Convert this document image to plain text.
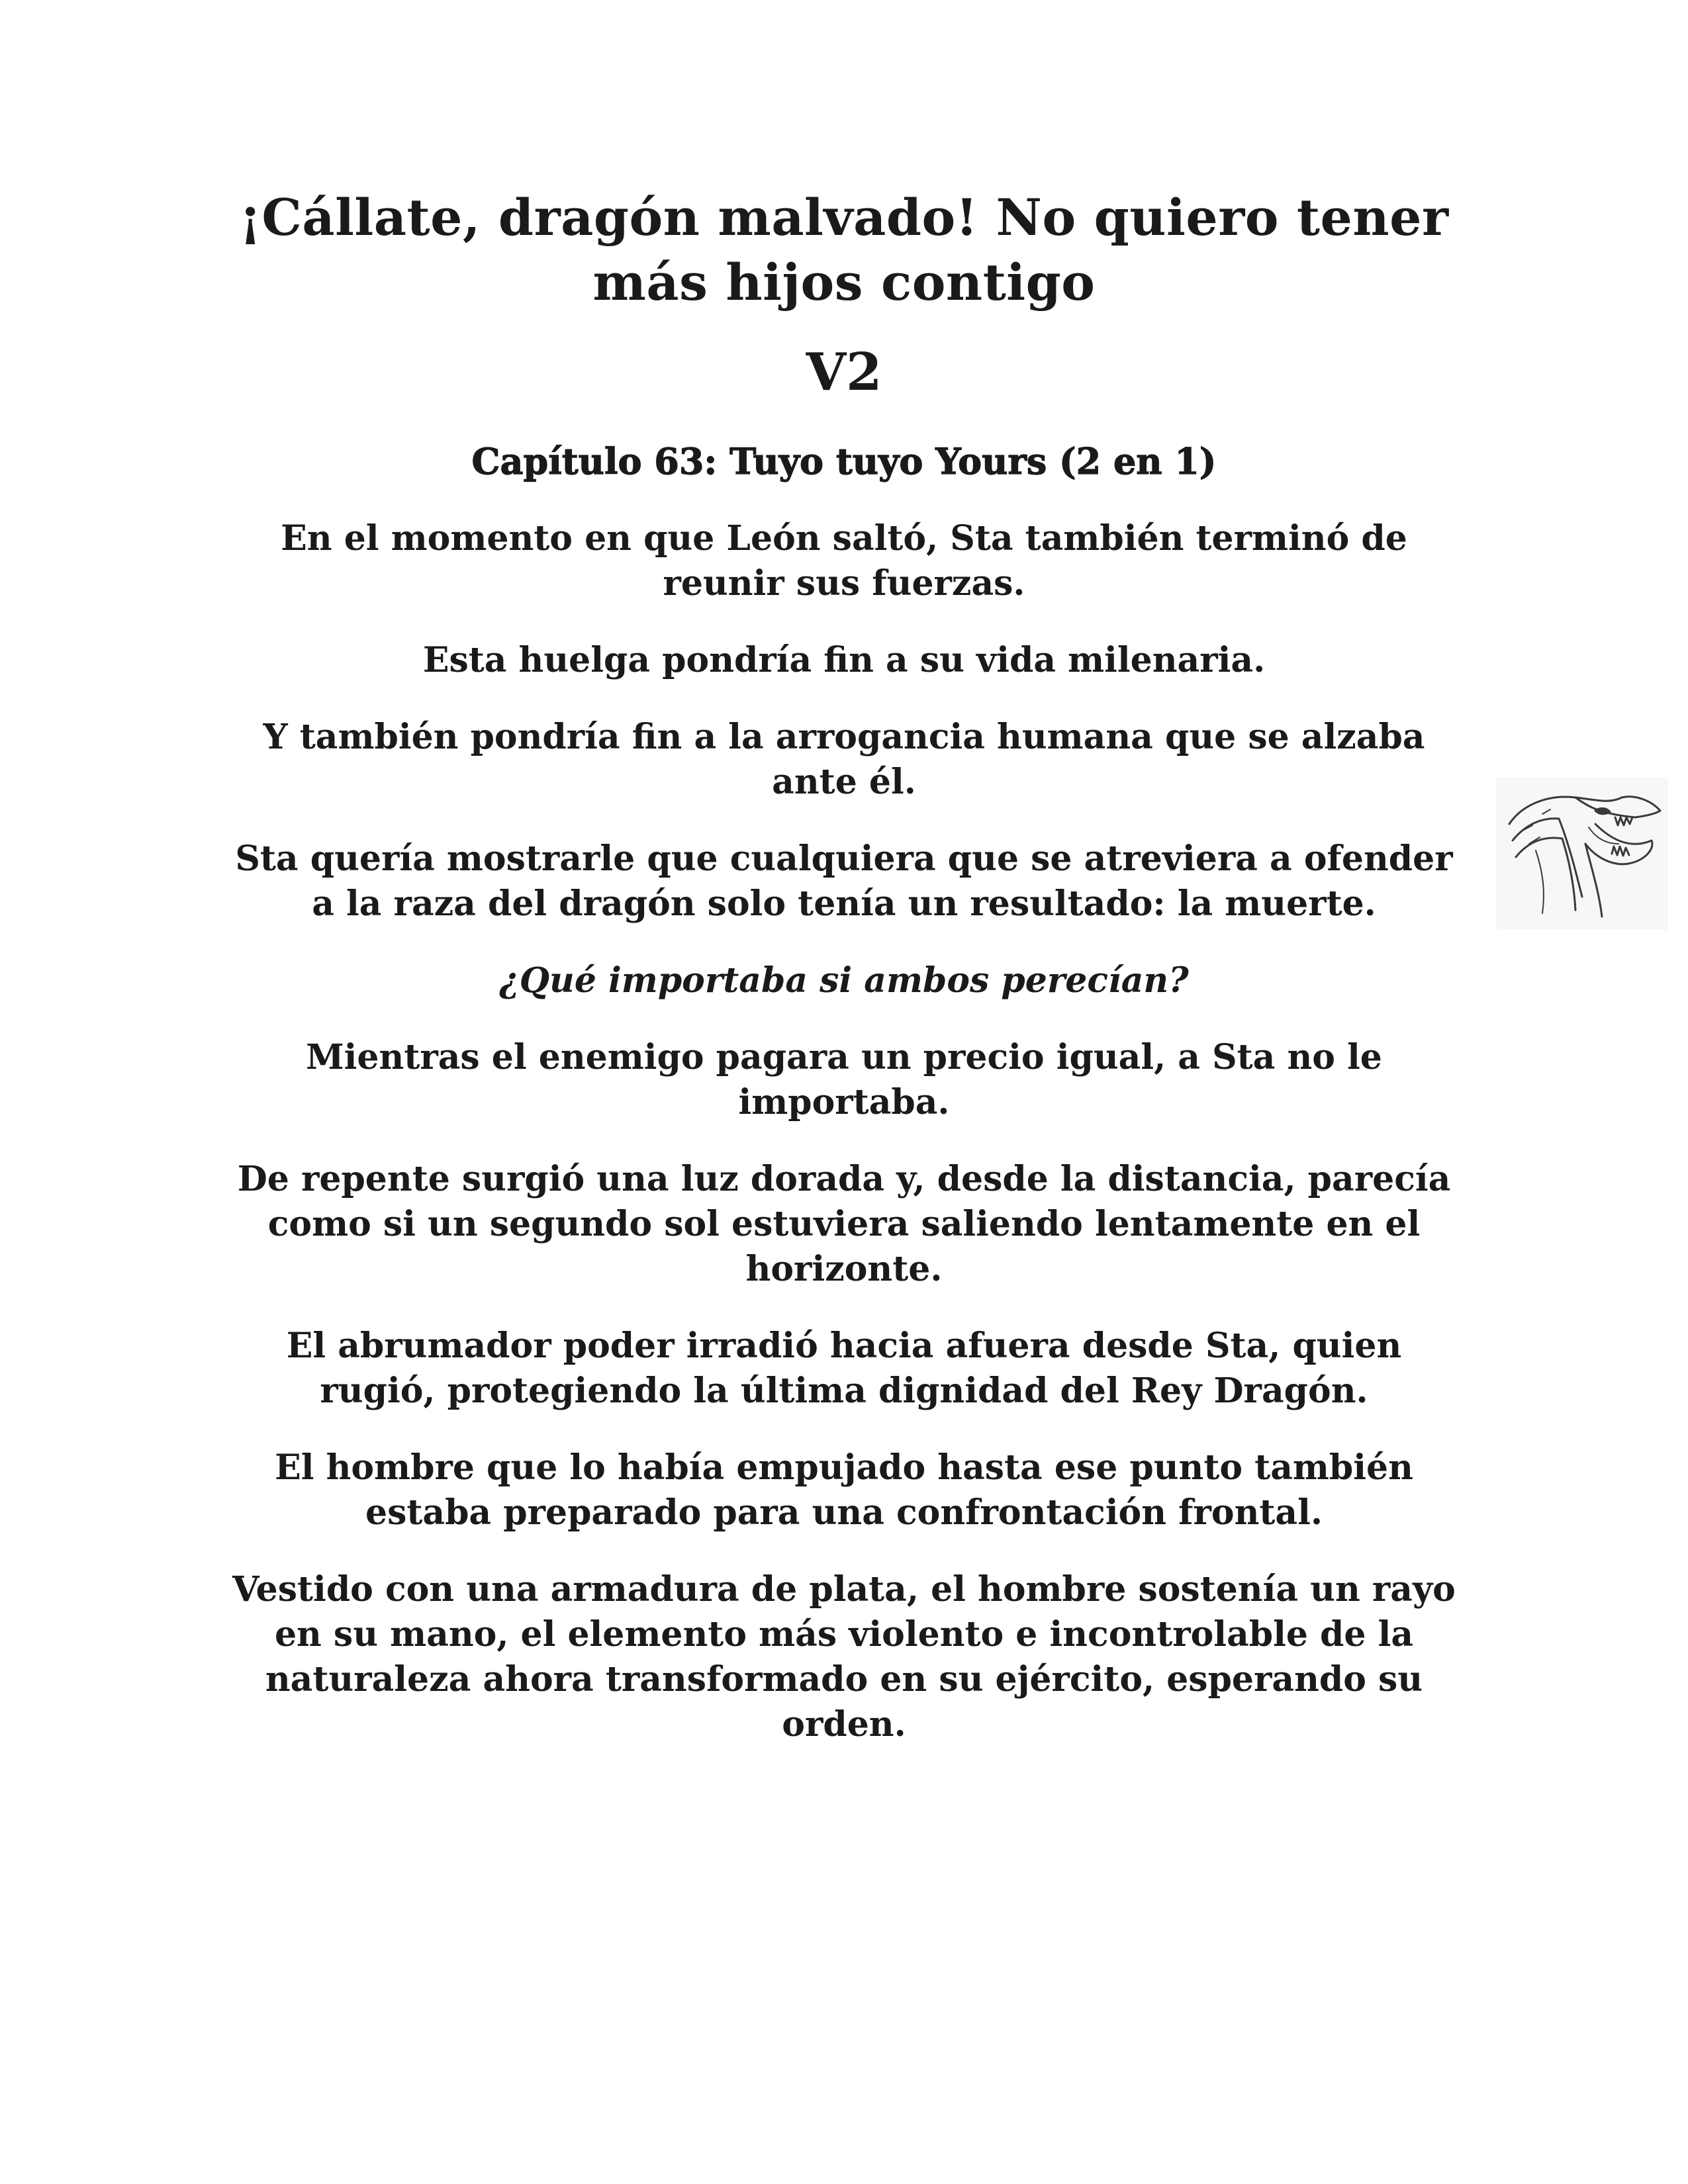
¡Cállate, dragón malvado! No quiero tener
más hijos contigo
V2
Capítulo 63: Tuyo tuyo Yours (2 en 1)

En el momento en que León saltó, Sta también terminó de reunir sus fuerzas.

Esta huelga pondría fin a su vida milenaria.

Y también pondría fin a la arrogancia humana que se alzaba ante él.

Sta quería mostrarle que cualquiera que se atreviera a ofender a la raza del dragón solo tenía un resultado: la muerte.

¿Qué importaba si ambos perecían?

Mientras el enemigo pagara un precio igual, a Sta no le importaba.

De repente surgió una luz dorada y, desde la distancia, parecía como si un segundo sol estuviera saliendo lentamente en el horizonte.

El abrumador poder irradió hacia afuera desde Sta, quien rugió, protegiendo la última dignidad del Rey Dragón.

El hombre que lo había empujado hasta ese punto también estaba preparado para una confrontación frontal.

Vestido con una armadura de plata, el hombre sostenía un rayo en su mano, el elemento más violento e incontrolable de la naturaleza ahora transformado en su ejército, esperando su orden.
